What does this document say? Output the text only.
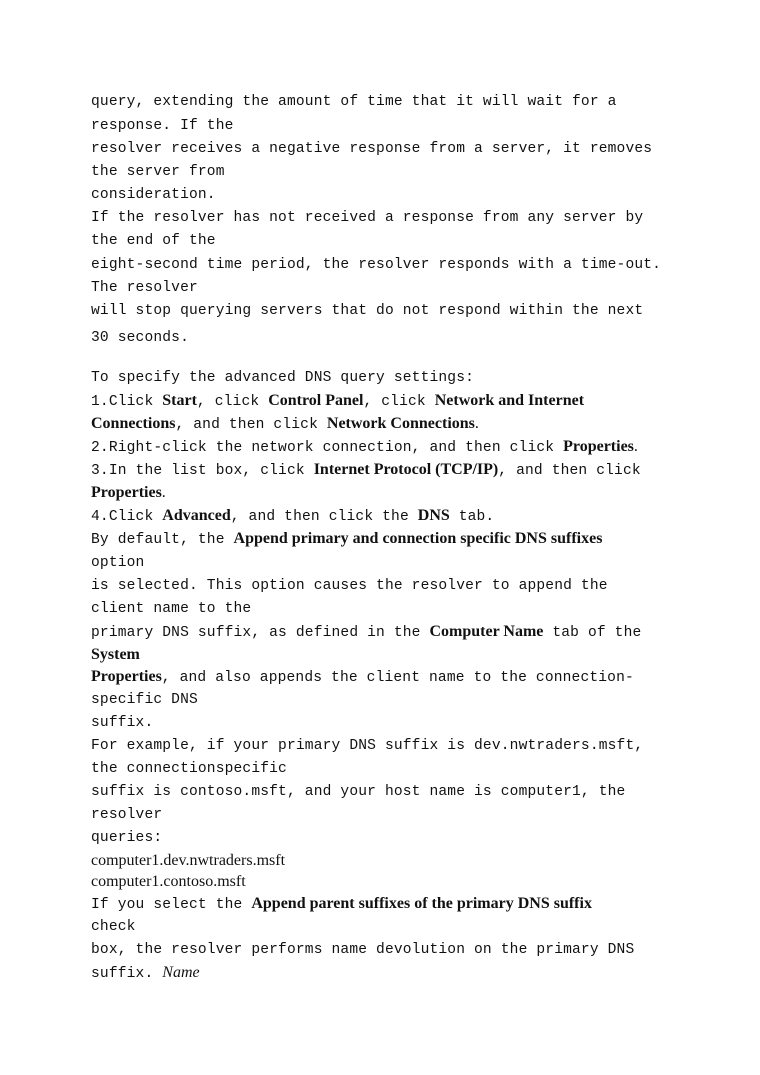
query, extending the amount of time that it will wait for a
response. If the
resolver receives a negative response from a server, it removes
the server from
consideration.
If the resolver has not received a response from any server by
the end of the
eight-second time period, the resolver responds with a time-out.
The resolver
will stop querying servers that do not respond within the next
30 seconds.
To specify the advanced DNS query settings:
1.Click Start, click Control Panel, click Network and Internet
Connections, and then click Network Connections.
2.Right-click the network connection, and then click Properties.
3.In the list box, click Internet Protocol (TCP/IP), and then click
Properties.
4.Click Advanced, and then click the DNS tab.
By default, the Append primary and connection specific DNS suffixes
option
is selected. This option causes the resolver to append the
client name to the
primary DNS suffix, as defined in the Computer Name tab of the
System
Properties, and also appends the client name to the connection-
specific DNS
suffix.
For example, if your primary DNS suffix is dev.nwtraders.msft,
the connectionspecific
suffix is contoso.msft, and your host name is computer1, the
resolver
queries:
computer1.dev.nwtraders.msft
computer1.contoso.msft
If you select the Append parent suffixes of the primary DNS suffix
check
box, the resolver performs name devolution on the primary DNS
suffix. Name
